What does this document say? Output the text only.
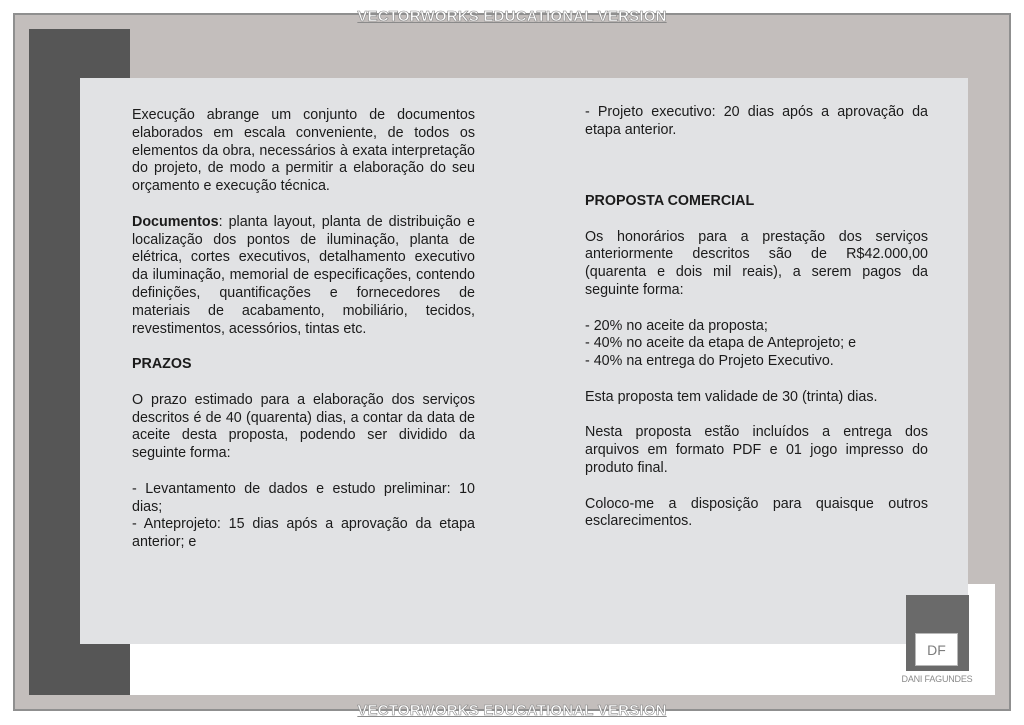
VECTORWORKS EDUCATIONAL VERSION
VECTORWORKS EDUCATIONAL VERSION

Execução abrange um conjunto de documentos elaborados em escala conveniente, de todos os elementos da obra, necessários à exata interpretação do projeto, de modo a permitir a elaboração do seu orçamento e execução técnica.

Documentos: planta layout, planta de distribuição e localização dos pontos de iluminação, planta de elétrica, cortes executivos, detalhamento executivo da iluminação, memorial de especificações, contendo definições, quantificações e fornecedores de materiais de acabamento, mobiliário, tecidos, revestimentos, acessórios, tintas etc.

PRAZOS

O prazo estimado para a elaboração dos serviços descritos é de 40 (quarenta) dias, a contar da data de aceite desta proposta, podendo ser dividido da seguinte forma:

- Levantamento de dados e estudo preliminar: 10 dias;

- Anteprojeto: 15 dias após a aprovação da etapa anterior; e

- Projeto executivo: 20 dias após a aprovação da etapa anterior.

PROPOSTA COMERCIAL

Os honorários para a prestação dos serviços anteriormente descritos são de R$42.000,00 (quarenta e dois mil reais), a serem pagos da seguinte forma:

- 20% no aceite da proposta;

- 40% no aceite da etapa de Anteprojeto; e

- 40% na entrega do Projeto Executivo.

Esta proposta tem validade de 30 (trinta) dias.

Nesta proposta estão incluídos a entrega dos arquivos em formato PDF e 01 jogo impresso do produto final.

Coloco-me a disposição para quaisque outros esclarecimentos.

DF
DANI FAGUNDES
